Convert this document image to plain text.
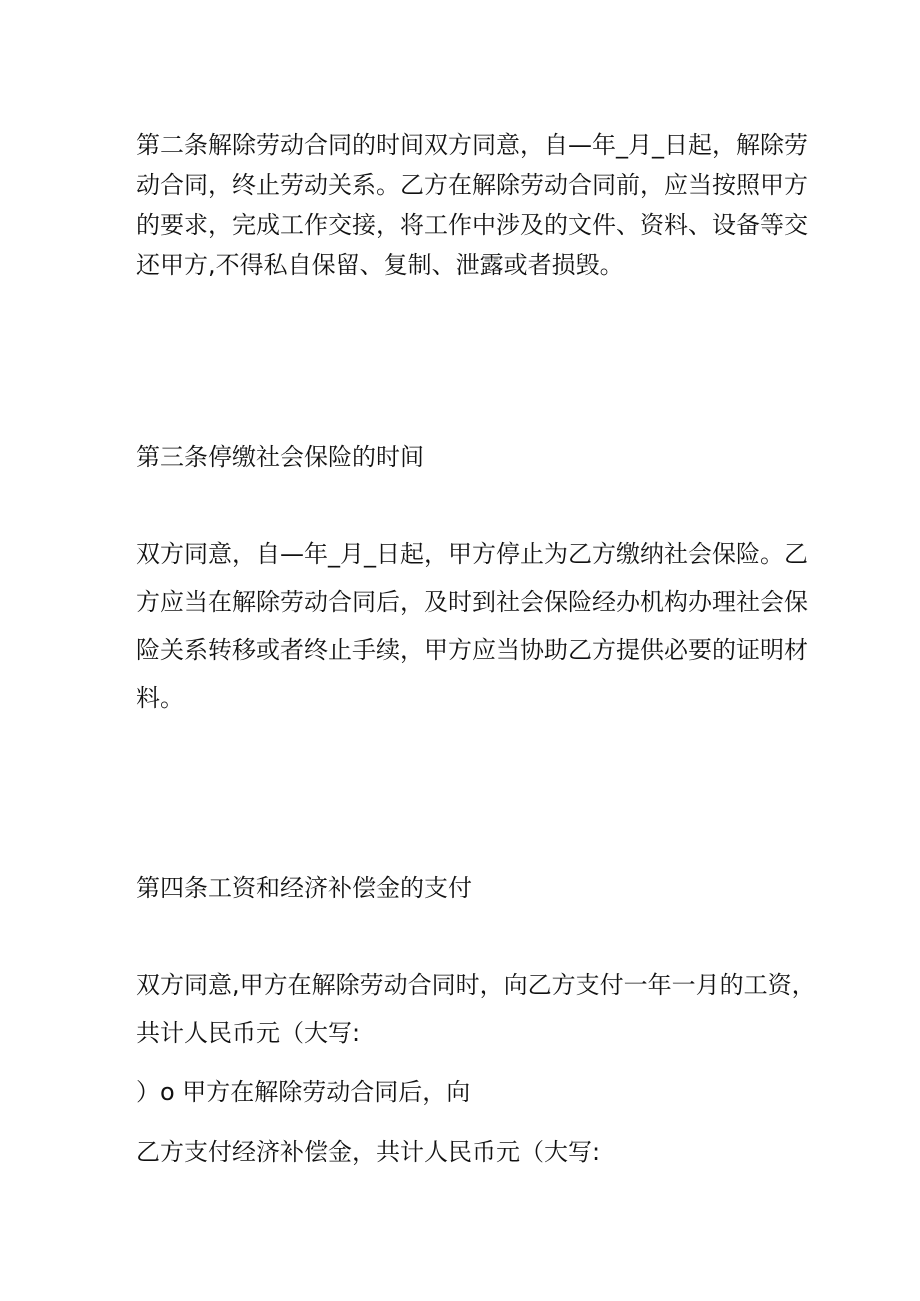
第二条解除劳动合同的时间双方同意，自—年_月_日起，解除劳
动合同，终止劳动关系。乙方在解除劳动合同前，应当按照甲方
的要求，完成工作交接，将工作中涉及的文件、资料、设备等交
还甲方,不得私自保留、复制、泄露或者损毁。
第三条停缴社会保险的时间
双方同意，自—年_月_日起，甲方停止为乙方缴纳社会保险。乙
方应当在解除劳动合同后，及时到社会保险经办机构办理社会保
险关系转移或者终止手续，甲方应当协助乙方提供必要的证明材
料。
第四条工资和经济补偿金的支付
双方同意,甲方在解除劳动合同时，向乙方支付一年一月的工资，
共计人民币元（大写:
）o 甲方在解除劳动合同后，向
乙方支付经济补偿金，共计人民币元（大写:
